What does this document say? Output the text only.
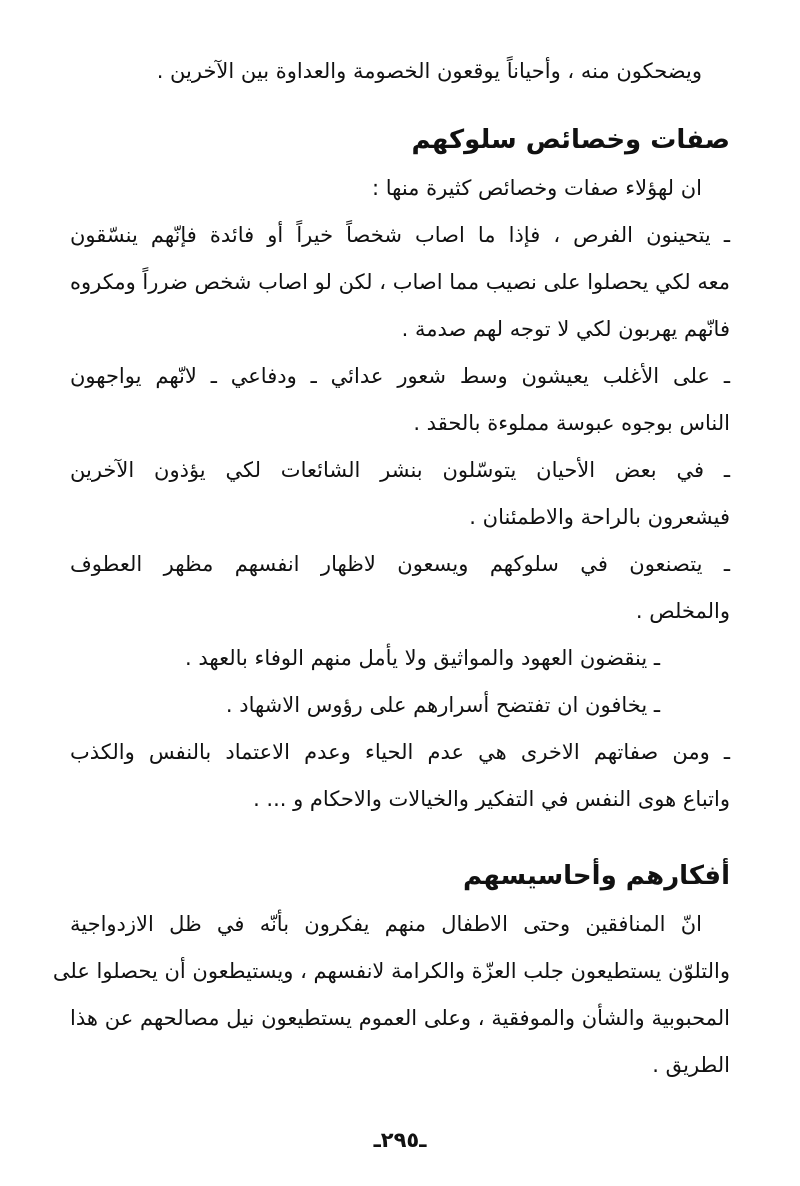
ويضحكون منه ، وأحياناً يوقعون الخصومة والعداوة بين الآخرين .
صفات وخصائص سلوكهم
ان لهؤلاء صفات وخصائص كثيرة منها :
ـ يتحينون الفرص ، فإذا ما اصاب شخصاً خيراً أو فائدة فإنّهم ينسّقون
معه لكي يحصلوا على نصيب مما اصاب ، لكن لو اصاب شخص ضرراً ومكروه
فانّهم يهربون لكي لا توجه لهم صدمة .
ـ على الأغلب يعيشون وسط شعور عدائي ـ ودفاعي ـ لانّهم يواجهون
الناس بوجوه عبوسة مملوءة بالحقد .
ـ في بعض الأحيان يتوسّلون بنشر الشائعات لكي يؤذون الآخرين
فيشعرون بالراحة والاطمئنان .
ـ يتصنعون في سلوكهم ويسعون لاظهار انفسهم مظهر العطوف
والمخلص .
ـ ينقضون العهود والمواثيق ولا يأمل منهم الوفاء بالعهد .
ـ يخافون ان تفتضح أسرارهم على رؤوس الاشهاد .
ـ ومن صفاتهم الاخرى هي عدم الحياء وعدم الاعتماد بالنفس والكذب
واتباع هوى النفس في التفكير والخيالات والاحكام و ... .
أفكارهم وأحاسيسهم
انّ المنافقين وحتى الاطفال منهم يفكرون بأنّه في ظل الازدواجية
والتلوّن يستطيعون جلب العزّة والكرامة لانفسهم ، ويستيطعون أن يحصلوا على
المحبوبية والشأن والموفقية ، وعلى العموم يستطيعون نيل مصالحهم عن هذا
الطريق .
ـ٢٩٥ـ
